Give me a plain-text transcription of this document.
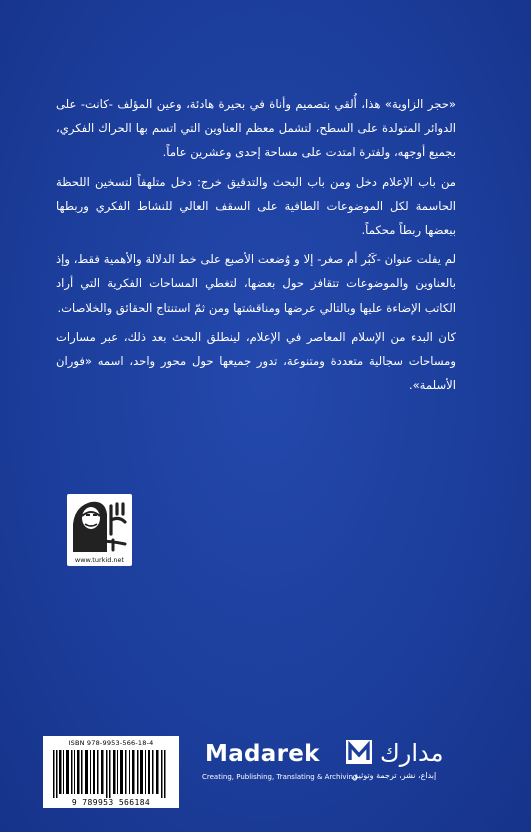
«حجر الزاوية» هذا، أُلقي بتصميم وأناة في بحيرة هادئة، وعين المؤلف -كانت- على الدوائر المتولدة على السطح، لتشمل معظم العناوين التي اتسم بها الحراك الفكري، بجميع أوجهه، ولفترة امتدت على مساحة إحدى وعشرين عاماً.

من باب الإعلام دخل ومن باب البحث والتدقيق خرج: دخل متلهفاً لتسخين اللحظة الحاسمة لكل الموضوعات الطافية على السقف العالي للنشاط الفكري وربطها ببعضها ربطاً محكماً.

لم يفلت عنوان -كَبُر أم صغر- إلا و وُضعت الأصبع على خط الدلالة والأهمية فقط، وإذ بالعناوين والموضوعات تتقافز حول بعضها، لتغطي المساحات الفكرية التي أراد الكاتب الإضاءة عليها وبالتالي عرضها ومناقشتها ومن ثمّ استنتاج الحقائق والخلاصات.

كان البدء من الإسلام المعاصر في الإعلام، لينطلق البحث بعد ذلك، عبر مسارات ومساحات سجالية متعددة ومتنوعة، تدور جميعها حول محور واحد، اسمه «فوران الأسلمة».

www.turkid.net
ISBN 978-9953-566-18-4
9 789953 566184
Madarek	مدارك
Creating, Publishing, Translating & Archiving
إبداع، نشر، ترجمة وتوثيق
